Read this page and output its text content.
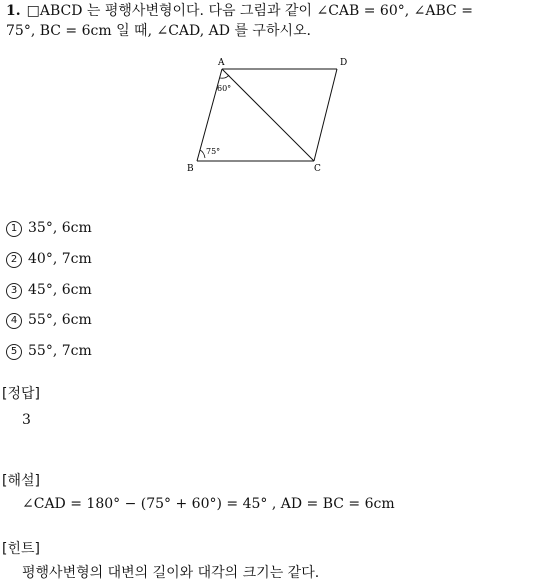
1. □ABCD 는 평행사변형이다. 다음 그림과 같이 ∠CAB = 60°, ∠ABC =
75°, BC = 6cm 일 때, ∠CAD, AD 를 구하시오.
A	D
B	C
60°
75°
1 35°, 6cm
2 40°, 7cm
3 45°, 6cm
4 55°, 6cm
5 55°, 7cm
[정답]
3
[해설]
∠CAD = 180° − (75° + 60°) = 45° , AD = BC = 6cm
[힌트]
평행사변형의 대변의 길이와 대각의 크기는 같다.
